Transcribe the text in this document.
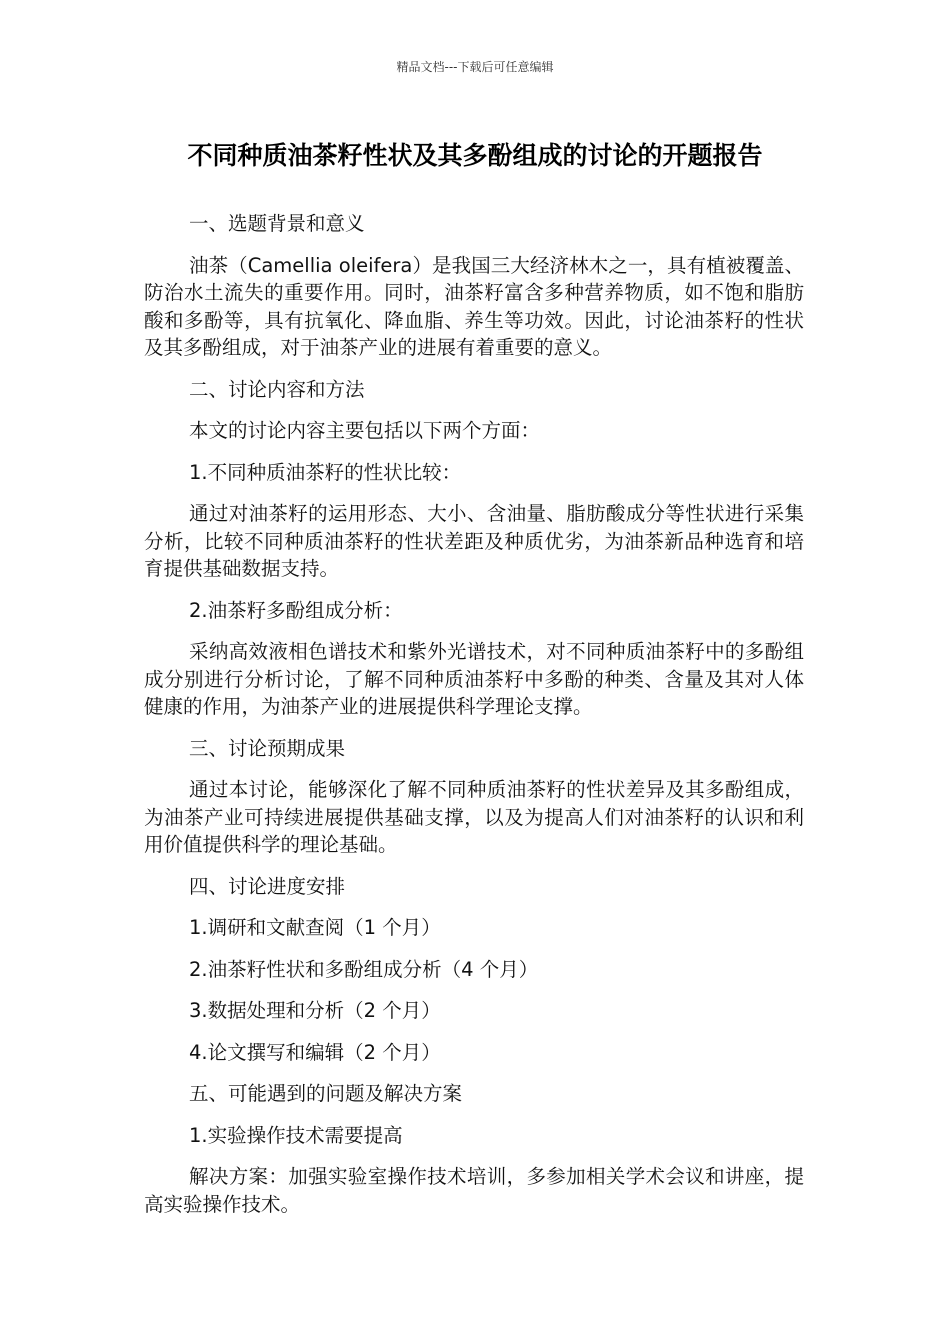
精品文档---下载后可任意编辑
不同种质油茶籽性状及其多酚组成的讨论的开题报告

一、选题背景和意义

油茶（Camellia oleifera）是我国三大经济林木之一，具有植被覆盖、防治水土流失的重要作用。同时，油茶籽富含多种营养物质，如不饱和脂肪酸和多酚等，具有抗氧化、降血脂、养生等功效。因此，讨论油茶籽的性状及其多酚组成，对于油茶产业的进展有着重要的意义。

二、讨论内容和方法

本文的讨论内容主要包括以下两个方面：

1.不同种质油茶籽的性状比较：

通过对油茶籽的运用形态、大小、含油量、脂肪酸成分等性状进行采集分析，比较不同种质油茶籽的性状差距及种质优劣，为油茶新品种选育和培育提供基础数据支持。

2.油茶籽多酚组成分析：

采纳高效液相色谱技术和紫外光谱技术，对不同种质油茶籽中的多酚组成分别进行分析讨论，了解不同种质油茶籽中多酚的种类、含量及其对人体健康的作用，为油茶产业的进展提供科学理论支撑。

三、讨论预期成果

通过本讨论，能够深化了解不同种质油茶籽的性状差异及其多酚组成，为油茶产业可持续进展提供基础支撑，以及为提高人们对油茶籽的认识和利用价值提供科学的理论基础。

四、讨论进度安排

1.调研和文献查阅（1 个月）

2.油茶籽性状和多酚组成分析（4 个月）

3.数据处理和分析（2 个月）

4.论文撰写和编辑（2 个月）

五、可能遇到的问题及解决方案

1.实验操作技术需要提高

解决方案：加强实验室操作技术培训，多参加相关学术会议和讲座，提高实验操作技术。
